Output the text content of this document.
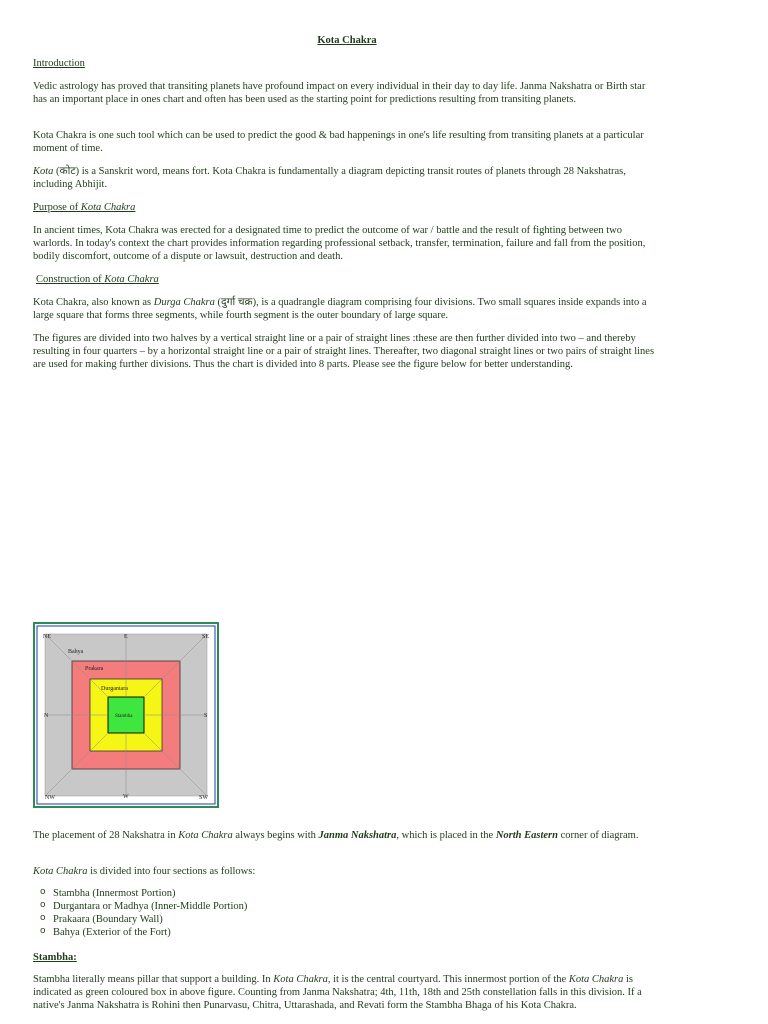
Kota Chakra
Introduction

Vedic astrology has proved that transiting planets have profound impact on every individual in their day to day life. Janma Nakshatra or Birth star has an important place in ones chart and often has been used as the starting point for predictions resulting from transiting planets.

Kota Chakra is one such tool which can be used to predict the good & bad happenings in one's life resulting from transiting planets at a particular moment of time.

Kota (कोट) is a Sanskrit word, means fort. Kota Chakra is fundamentally a diagram depicting transit routes of planets through 28 Nakshatras, including Abhijit.

Purpose of Kota Chakra

In ancient times, Kota Chakra was erected for a designated time to predict the outcome of war / battle and the result of fighting between two warlords. In today's context the chart provides information regarding professional setback, transfer, termination, failure and fall from the position, bodily discomfort, outcome of a dispute or lawsuit, destruction and death.

Construction of Kota Chakra

Kota Chakra, also known as Durga Chakra (दुर्गा चक्र), is a quadrangle diagram comprising four divisions. Two small squares inside expands into a large square that forms three segments, while fourth segment is the outer boundary of large square.

The figures are divided into two halves by a vertical straight line or a pair of straight lines :these are then further divided into two – and thereby resulting in four quarters – by a horizontal straight line or a pair of straight lines. Thereafter, two diagonal straight lines or two pairs of straight lines are used for making further divisions. Thus the chart is divided into 8 parts. Please see the figure below for better understanding.

The placement of 28 Nakshatra in Kota Chakra always begins with Janma Nakshatra, which is placed in the North Eastern corner of diagram.

Kota Chakra is divided into four sections as follows:

o Stambha (Innermost Portion)
o Durgantara or Madhya (Inner-Middle Portion)
o Prakaara (Boundary Wall)
o Bahya (Exterior of the Fort)
Stambha:

Stambha literally means pillar that support a building. In Kota Chakra, it is the central courtyard. This innermost portion of the Kota Chakra is indicated as green coloured box in above figure. Counting from Janma Nakshatra; 4th, 11th, 18th and 25th constellation falls in this division. If a native's Janma Nakshatra is Rohini then Punarvasu, Chitra, Uttarashada, and Revati form the Stambha Bhaga of his Kota Chakra.

NE	E	SE
N	S
NW	W	SW
Bahya
Prakara
Durgantara
Stambha
